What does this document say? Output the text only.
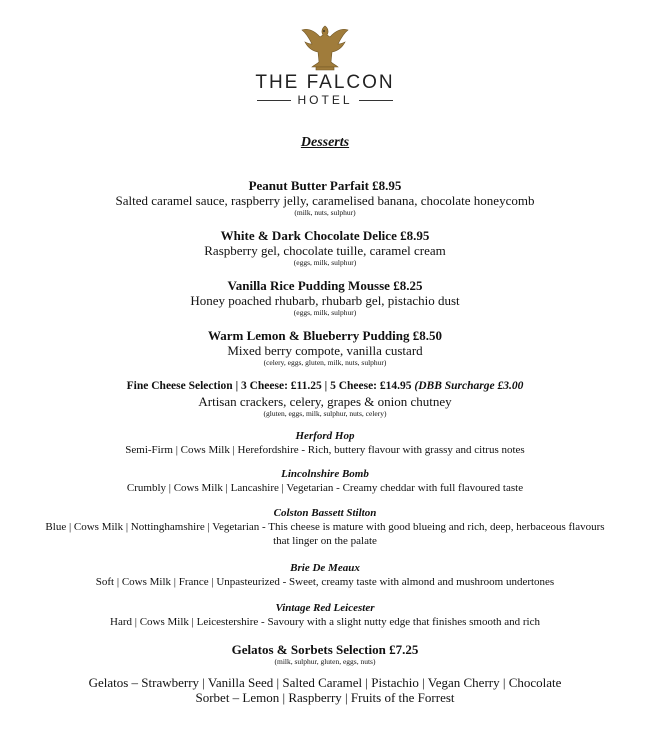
THE FALCON
HOTEL
Desserts
Peanut Butter Parfait £8.95
Salted caramel sauce, raspberry jelly, caramelised banana, chocolate honeycomb
(milk, nuts, sulphur)
White & Dark Chocolate Delice £8.95
Raspberry gel, chocolate tuille, caramel cream
(eggs, milk, sulphur)
Vanilla Rice Pudding Mousse £8.25
Honey poached rhubarb, rhubarb gel, pistachio dust
(eggs, milk, sulphur)
Warm Lemon & Blueberry Pudding £8.50
Mixed berry compote, vanilla custard
(celery, eggs, gluten, milk, nuts, sulphur)
Fine Cheese Selection | 3 Cheese: £11.25 | 5 Cheese: £14.95 (DBB Surcharge £3.00
Artisan crackers, celery, grapes & onion chutney
(gluten, eggs, milk, sulphur, nuts, celery)
Herford Hop
Semi-Firm | Cows Milk | Herefordshire - Rich, buttery flavour with grassy and citrus notes
Lincolnshire Bomb
Crumbly | Cows Milk | Lancashire | Vegetarian - Creamy cheddar with full flavoured taste
Colston Bassett Stilton
Blue | Cows Milk | Nottinghamshire | Vegetarian - This cheese is mature with good blueing and rich, deep, herbaceous flavours that linger on the palate
Brie De Meaux
Soft | Cows Milk | France | Unpasteurized - Sweet, creamy taste with almond and mushroom undertones
Vintage Red Leicester
Hard | Cows Milk | Leicestershire - Savoury with a slight nutty edge that finishes smooth and rich
Gelatos & Sorbets Selection £7.25
(milk, sulphur, gluten, eggs, nuts)
Gelatos – Strawberry | Vanilla Seed | Salted Caramel | Pistachio | Vegan Cherry | Chocolate
Sorbet – Lemon | Raspberry | Fruits of the Forrest
